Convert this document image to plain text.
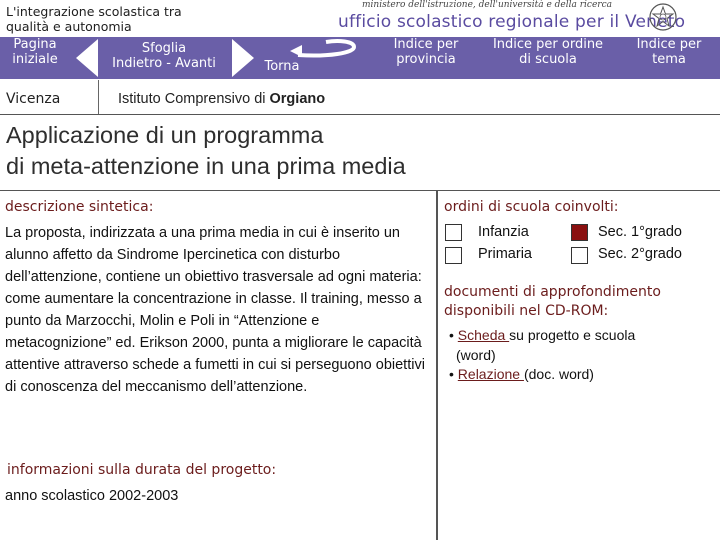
L'integrazione scolastica tra qualità e autonomia
ministero dell'istruzione, dell'università e della ricerca
ufficio scolastico regionale per il Veneto
Pagina iniziale
Sfoglia
Indietro - Avanti	Torna
Indice per provincia
Indice per ordine di scuola
Indice per tema
Vicenza	Istituto Comprensivo di Orgiano
Applicazione di un programma
di meta-attenzione in una prima media
descrizione sintetica:
La proposta, indirizzata a una prima media in cui è inserito un alunno affetto da Sindrome Ipercinetica con disturbo dell’attenzione, contiene un obiettivo trasversale ad ogni materia: come aumentare la concentrazione in classe. Il training, messo a punto da Marzocchi, Molin e Poli in “Attenzione e metacognizione” ed. Erikson 2000, punta a migliorare le capacità attentive attraverso schede a fumetti in cui si perseguono obiettivi di conoscenza del meccanismo dell’attenzione.
informazioni sulla durata del progetto:
anno scolastico 2002-2003
ordini di scuola coinvolti:
Infanzia	Sec. 1°grado
Primaria	Sec. 2°grado
documenti di approfondimento
disponibili nel CD-ROM:
• Scheda su progetto e scuola
(word)
• Relazione (doc. word)
